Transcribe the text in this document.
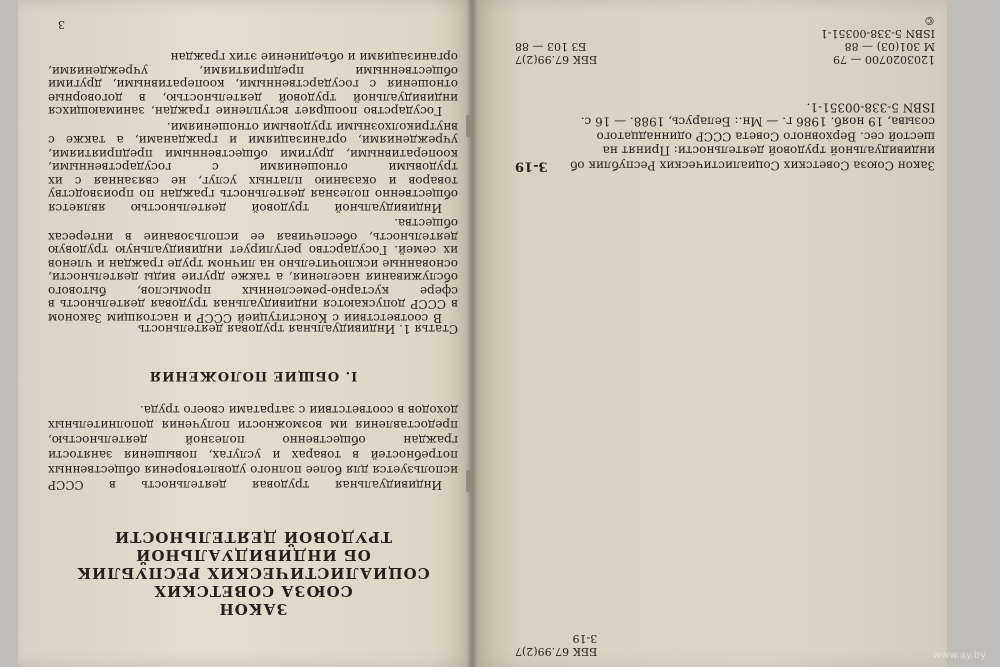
3

В соответствии с Конституцией СССР и настоящим Законом в СССР допускаются индивидуальная трудовая деятельность в сфере кустарно-ремесленных промыслов, бытового обслуживания населения, а также другие виды деятельности, основанные исключительно на личном труде граждан и членов их семей. Государство регулирует индивидуальную трудовую деятельность, обеспечивая ее использование в интересах общества.

Индивидуальной трудовой деятельностью является общественно полезная деятельность граждан по производству товаров и оказанию платных услуг, не связанная с их трудовыми отношениями с государственными, кооперативными, другими общественными предприятиями, учреждениями, организациями и гражданами, а также с внутриколхозными трудовыми отношениями.

Государство поощряет вступление граждан, занимающихся индивидуальной трудовой деятельностью, в договорные отношения с государственными, кооперативными, другими общественными предприятиями, учреждениями, организациями и объединение этих граждан

Статья 1. Индивидуальная трудовая деятельность
I. ОБЩИЕ ПОЛОЖЕНИЯ
Индивидуальная трудовая деятельность в СССР используется для более полного удовлетворения общественных потребностей в товарах и услугах, повышения занятости граждан общественно полезной деятельностью, предоставления им возможности получения дополнительных доходов в соответствии с затратами своего труда.
ЗАКОН
СОЮЗА СОВЕТСКИХ
СОЦИАЛИСТИЧЕСКИХ РЕСПУБЛИК
ОБ ИНДИВИДУАЛЬНОЙ
ТРУДОВОЙ ДЕЯТЕЛЬНОСТИ
ББК 67.99(2)7
3-19
Закон Союза Советских Социалистических Республик об индивидуальной трудовой деятельности: Принят на шестой сес. Верховного Совета СССР одиннадцатого созыва, 19 нояб. 1986 г. — Мн.: Беларусь, 1988. — 16 с.
ISBN 5-338-00351-1.
З-19
1203020700 — 79
ББК 67.99(2)7
М 301(03) — 88
БЗ 103 — 88
ISBN 5-338-00351-1
©
www.ay.by
